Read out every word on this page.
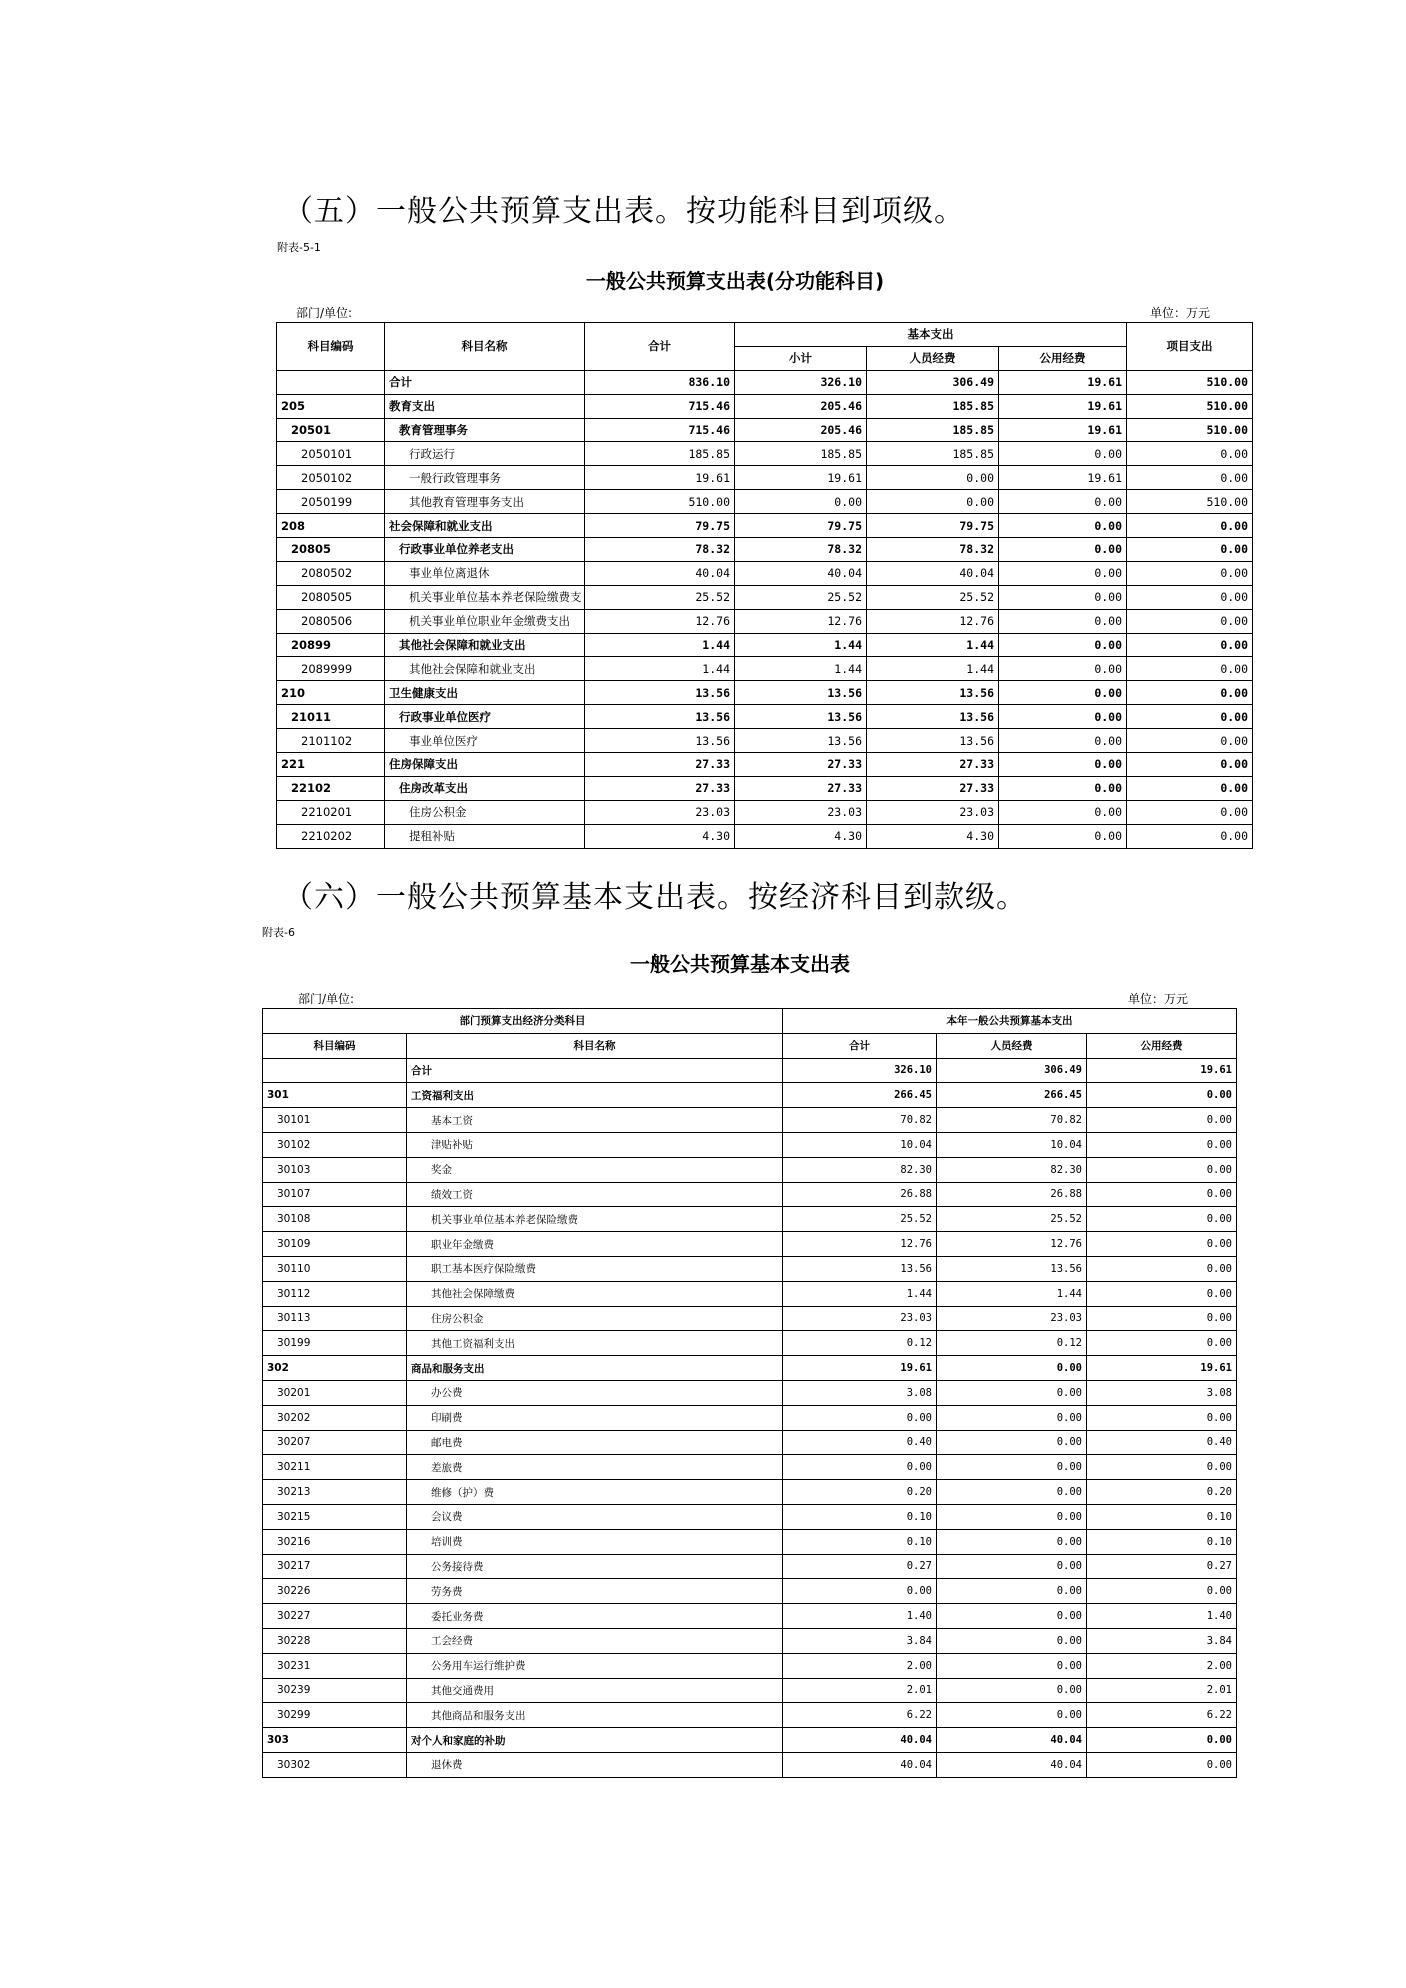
（五）一般公共预算支出表。按功能科目到项级。
附表-5-1
一般公共预算支出表(分功能科目)
部门/单位:	单位：万元
科目编码	科目名称	合计	基本支出			项目支出
			小计	人员经费	公用经费	
	合计	836.10	326.10	306.49	19.61	510.00
205	教育支出	715.46	205.46	185.85	19.61	510.00
20501	教育管理事务	715.46	205.46	185.85	19.61	510.00
2050101	行政运行	185.85	185.85	185.85	0.00	0.00
2050102	一般行政管理事务	19.61	19.61	0.00	19.61	0.00
2050199	其他教育管理事务支出	510.00	0.00	0.00	0.00	510.00
208	社会保障和就业支出	79.75	79.75	79.75	0.00	0.00
20805	行政事业单位养老支出	78.32	78.32	78.32	0.00	0.00
2080502	事业单位离退休	40.04	40.04	40.04	0.00	0.00
2080505	机关事业单位基本养老保险缴费支	25.52	25.52	25.52	0.00	0.00
2080506	机关事业单位职业年金缴费支出	12.76	12.76	12.76	0.00	0.00
20899	其他社会保障和就业支出	1.44	1.44	1.44	0.00	0.00
2089999	其他社会保障和就业支出	1.44	1.44	1.44	0.00	0.00
210	卫生健康支出	13.56	13.56	13.56	0.00	0.00
21011	行政事业单位医疗	13.56	13.56	13.56	0.00	0.00
2101102	事业单位医疗	13.56	13.56	13.56	0.00	0.00
221	住房保障支出	27.33	27.33	27.33	0.00	0.00
22102	住房改革支出	27.33	27.33	27.33	0.00	0.00
2210201	住房公积金	23.03	23.03	23.03	0.00	0.00
2210202	提租补贴	4.30	4.30	4.30	0.00	0.00
（六）一般公共预算基本支出表。按经济科目到款级。
附表-6
一般公共预算基本支出表
部门/单位:	单位：万元
部门预算支出经济分类科目		本年一般公共预算基本支出		
科目编码	科目名称	合计	人员经费	公用经费
	合计	326.10	306.49	19.61
301	工资福利支出	266.45	266.45	0.00
30101	基本工资	70.82	70.82	0.00
30102	津贴补贴	10.04	10.04	0.00
30103	奖金	82.30	82.30	0.00
30107	绩效工资	26.88	26.88	0.00
30108	机关事业单位基本养老保险缴费	25.52	25.52	0.00
30109	职业年金缴费	12.76	12.76	0.00
30110	职工基本医疗保险缴费	13.56	13.56	0.00
30112	其他社会保障缴费	1.44	1.44	0.00
30113	住房公积金	23.03	23.03	0.00
30199	其他工资福利支出	0.12	0.12	0.00
302	商品和服务支出	19.61	0.00	19.61
30201	办公费	3.08	0.00	3.08
30202	印刷费	0.00	0.00	0.00
30207	邮电费	0.40	0.00	0.40
30211	差旅费	0.00	0.00	0.00
30213	维修（护）费	0.20	0.00	0.20
30215	会议费	0.10	0.00	0.10
30216	培训费	0.10	0.00	0.10
30217	公务接待费	0.27	0.00	0.27
30226	劳务费	0.00	0.00	0.00
30227	委托业务费	1.40	0.00	1.40
30228	工会经费	3.84	0.00	3.84
30231	公务用车运行维护费	2.00	0.00	2.00
30239	其他交通费用	2.01	0.00	2.01
30299	其他商品和服务支出	6.22	0.00	6.22
303	对个人和家庭的补助	40.04	40.04	0.00
30302	退休费	40.04	40.04	0.00
